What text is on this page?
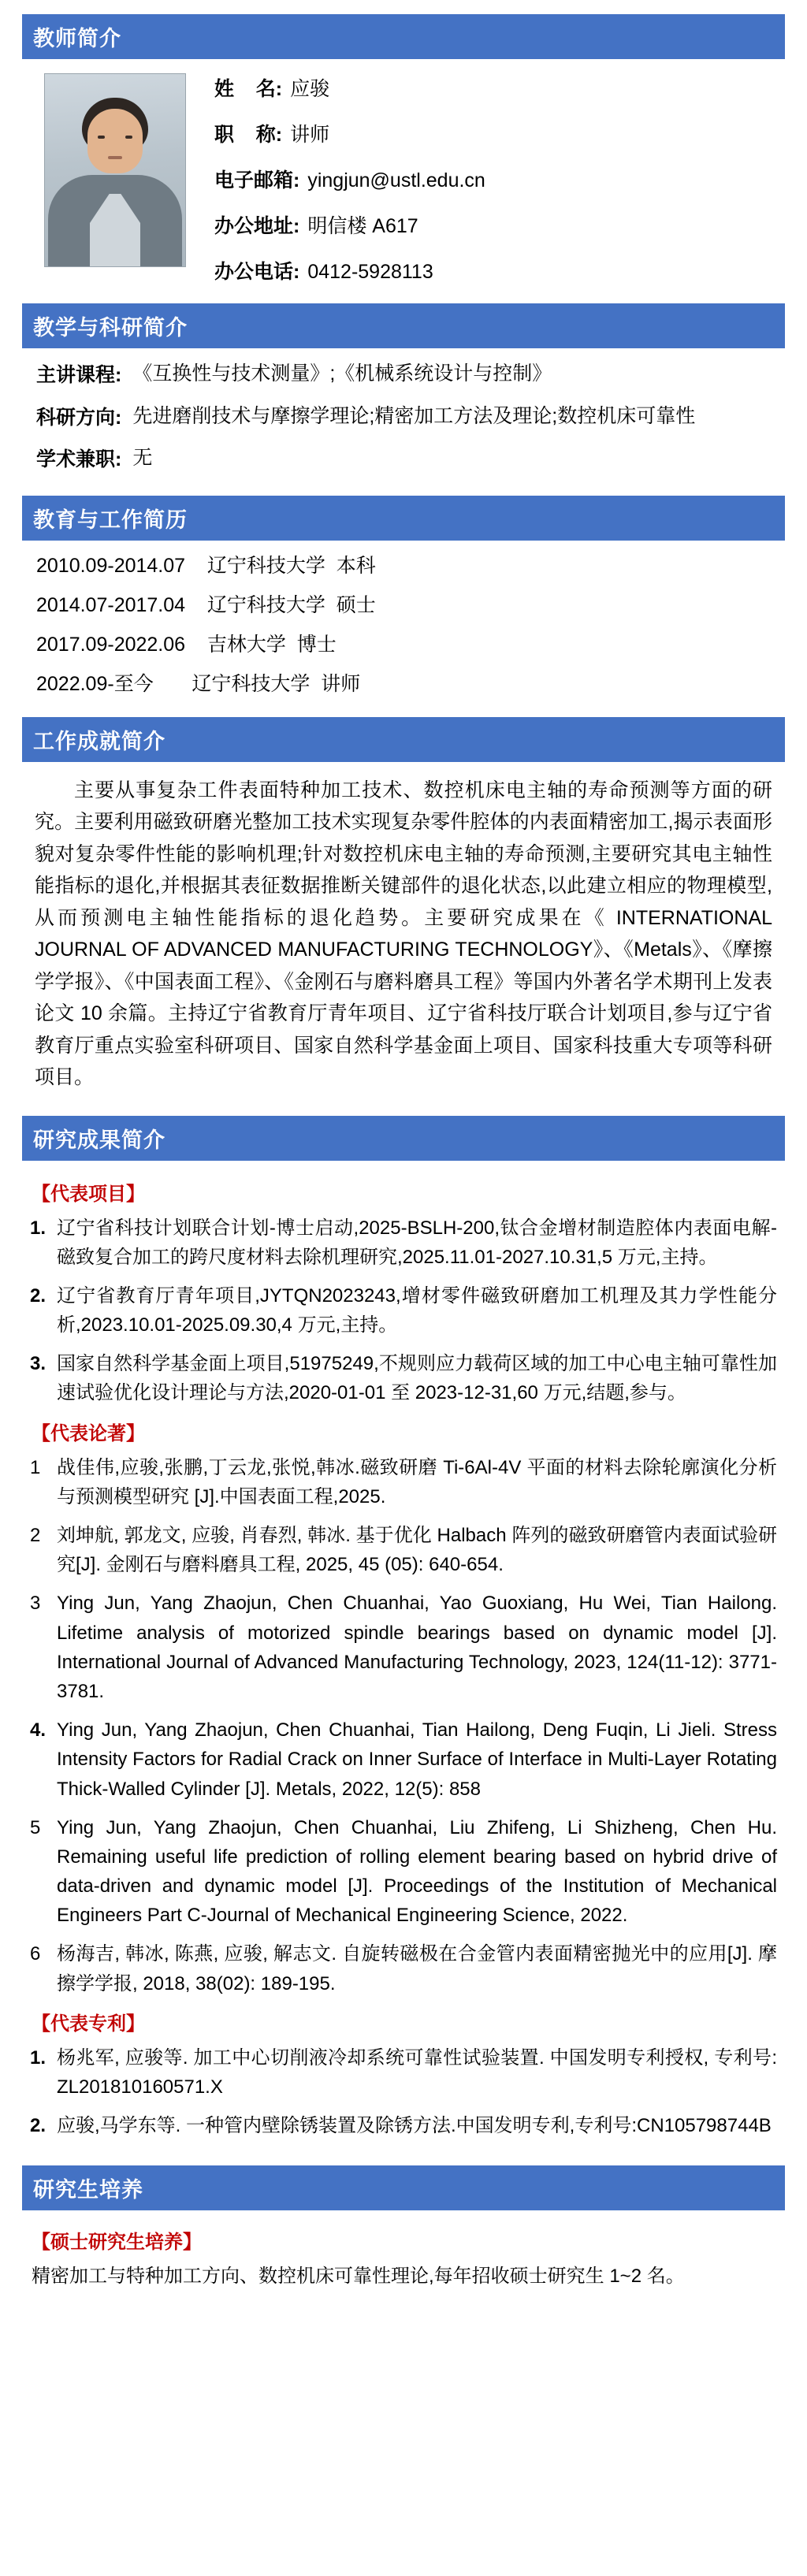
教师简介
姓    名: 应骏
职    称: 讲师
电子邮箱: yingjun@ustl.edu.cn
办公地址: 明信楼 A617
办公电话: 0412-5928113
教学与科研简介
主讲课程: 《互换性与技术测量》;《机械系统设计与控制》
科研方向: 先进磨削技术与摩擦学理论;精密加工方法及理论;数控机床可靠性
学术兼职: 无
教育与工作简历
2010.09-2014.07    辽宁科技大学  本科
2014.07-2017.04    辽宁科技大学  硕士
2017.09-2022.06    吉林大学  博士
2022.09-至今       辽宁科技大学  讲师
工作成就简介

主要从事复杂工件表面特种加工技术、数控机床电主轴的寿命预测等方面的研究。主要利用磁致研磨光整加工技术实现复杂零件腔体的内表面精密加工,揭示表面形貌对复杂零件性能的影响机理;针对数控机床电主轴的寿命预测,主要研究其电主轴性能指标的退化,并根据其表征数据推断关键部件的退化状态,以此建立相应的物理模型,从而预测电主轴性能指标的退化趋势。主要研究成果在《 INTERNATIONAL JOURNAL OF ADVANCED MANUFACTURING TECHNOLOGY》、《Metals》、《摩擦学学报》、《中国表面工程》、《金刚石与磨料磨具工程》等国内外著名学术期刊上发表论文 10 余篇。主持辽宁省教育厅青年项目、辽宁省科技厅联合计划项目,参与辽宁省教育厅重点实验室科研项目、国家自然科学基金面上项目、国家科技重大专项等科研项目。

研究成果简介
【代表项目】
1. 辽宁省科技计划联合计划-博士启动,2025-BSLH-200,钛合金增材制造腔体内表面电解-磁致复合加工的跨尺度材料去除机理研究,2025.11.01-2027.10.31,5 万元,主持。
2. 辽宁省教育厅青年项目,JYTQN2023243,增材零件磁致研磨加工机理及其力学性能分析,2023.10.01-2025.09.30,4 万元,主持。
3. 国家自然科学基金面上项目,51975249,不规则应力载荷区域的加工中心电主轴可靠性加速试验优化设计理论与方法,2020-01-01 至 2023-12-31,60 万元,结题,参与。
【代表论著】
1 战佳伟,应骏,张鹏,丁云龙,张悦,韩冰.磁致研磨 Ti-6Al-4V 平面的材料去除轮廓演化分析与预测模型研究 [J].中国表面工程,2025.
2 刘坤航, 郭龙文, 应骏, 肖春烈, 韩冰. 基于优化 Halbach 阵列的磁致研磨管内表面试验研究[J]. 金刚石与磨料磨具工程, 2025, 45 (05): 640-654.
3 Ying Jun, Yang Zhaojun, Chen Chuanhai, Yao Guoxiang, Hu Wei, Tian Hailong. Lifetime analysis of motorized spindle bearings based on dynamic model [J]. International Journal of Advanced Manufacturing Technology, 2023, 124(11-12): 3771-3781.
4. Ying Jun, Yang Zhaojun, Chen Chuanhai, Tian Hailong, Deng Fuqin, Li Jieli. Stress Intensity Factors for Radial Crack on Inner Surface of Interface in Multi-Layer Rotating Thick-Walled Cylinder [J]. Metals, 2022, 12(5): 858
5 Ying Jun, Yang Zhaojun, Chen Chuanhai, Liu Zhifeng, Li Shizheng, Chen Hu. Remaining useful life prediction of rolling element bearing based on hybrid drive of data-driven and dynamic model [J]. Proceedings of the Institution of Mechanical Engineers Part C-Journal of Mechanical Engineering Science, 2022.
6 杨海吉, 韩冰, 陈燕, 应骏, 解志文. 自旋转磁极在合金管内表面精密抛光中的应用[J]. 摩擦学学报, 2018, 38(02): 189-195.
【代表专利】
1. 杨兆军, 应骏等. 加工中心切削液冷却系统可靠性试验装置. 中国发明专利授权, 专利号: ZL201810160571.X
2. 应骏,马学东等. 一种管内壁除锈装置及除锈方法.中国发明专利,专利号:CN105798744B
研究生培养
【硕士研究生培养】

精密加工与特种加工方向、数控机床可靠性理论,每年招收硕士研究生 1~2 名。
